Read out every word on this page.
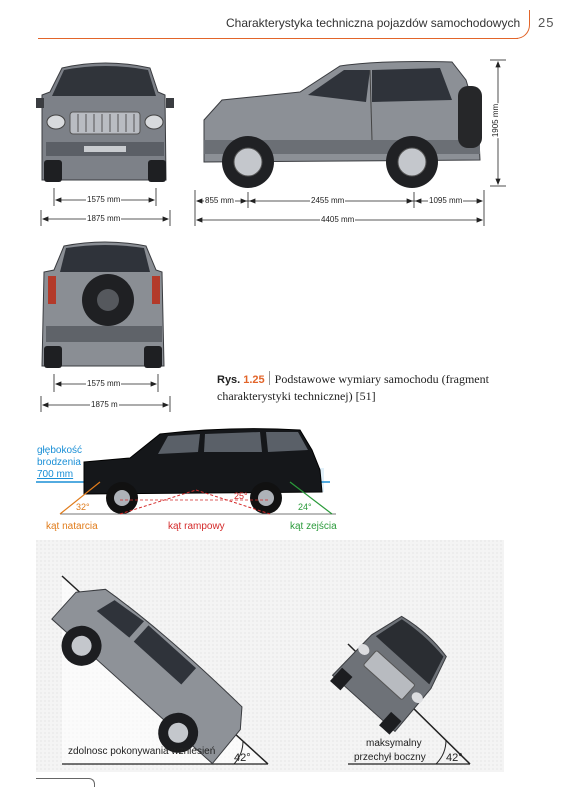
Charakterystyka techniczna pojazdów samochodowych 25
1575 mm
1875 mm
855 mm	2455 mm	1095 mm
4405 mm
1905 mm
1575 mm
1875 m
Rys. 1.25 Podstawowe wymiary samochodu (fragment charakterystyki technicznej) [51]
głębokość
brodzenia
700 mm
32°
25°
24°
kąt natarcia	kąt rampowy	kąt zejścia
zdolnosc pokonywania wzniesień
42°
maksymalny
przechył boczny 42°
